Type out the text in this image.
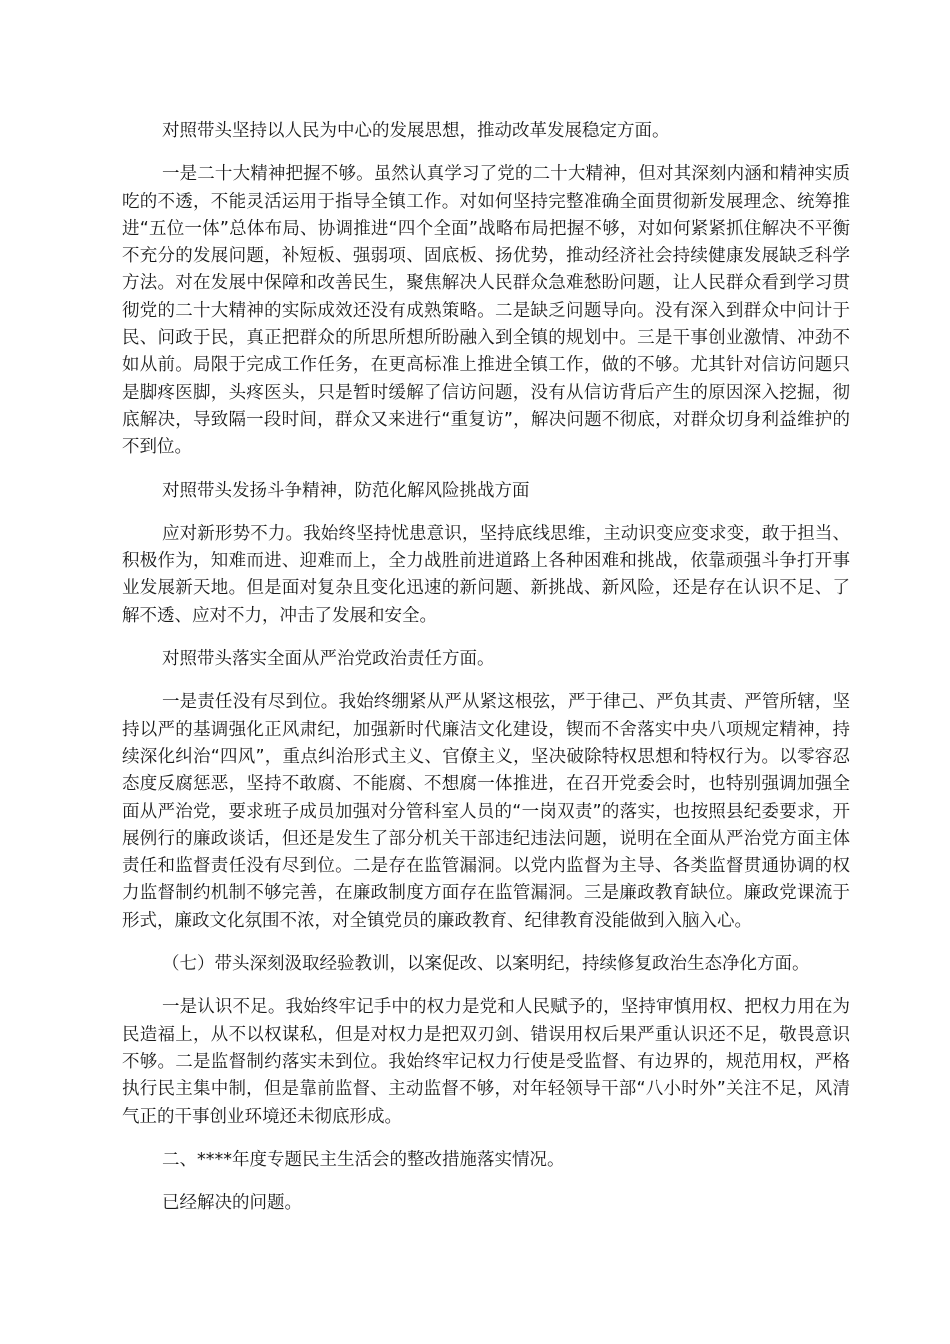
对照带头坚持以人民为中心的发展思想，推动改革发展稳定方面。

一是二十大精神把握不够。虽然认真学习了党的二十大精神，但对其深刻内涵和精神实质吃的不透，不能灵活运用于指导全镇工作。对如何坚持完整准确全面贯彻新发展理念、统筹推进“五位一体”总体布局、协调推进“四个全面”战略布局把握不够，对如何紧紧抓住解决不平衡不充分的发展问题，补短板、强弱项、固底板、扬优势，推动经济社会持续健康发展缺乏科学方法。对在发展中保障和改善民生，聚焦解决人民群众急难愁盼问题，让人民群众看到学习贯彻党的二十大精神的实际成效还没有成熟策略。二是缺乏问题导向。没有深入到群众中问计于民、问政于民，真正把群众的所思所想所盼融入到全镇的规划中。三是干事创业激情、冲劲不如从前。局限于完成工作任务，在更高标准上推进全镇工作，做的不够。尤其针对信访问题只是脚疼医脚，头疼医头，只是暂时缓解了信访问题，没有从信访背后产生的原因深入挖掘，彻底解决，导致隔一段时间，群众又来进行“重复访”，解决问题不彻底，对群众切身利益维护的不到位。

对照带头发扬斗争精神，防范化解风险挑战方面

应对新形势不力。我始终坚持忧患意识，坚持底线思维，主动识变应变求变，敢于担当、积极作为，知难而进、迎难而上，全力战胜前进道路上各种困难和挑战，依靠顽强斗争打开事业发展新天地。但是面对复杂且变化迅速的新问题、新挑战、新风险，还是存在认识不足、了解不透、应对不力，冲击了发展和安全。

对照带头落实全面从严治党政治责任方面。

一是责任没有尽到位。我始终绷紧从严从紧这根弦，严于律己、严负其责、严管所辖，坚持以严的基调强化正风肃纪，加强新时代廉洁文化建设，锲而不舍落实中央八项规定精神，持续深化纠治“四风”，重点纠治形式主义、官僚主义，坚决破除特权思想和特权行为。以零容忍态度反腐惩恶，坚持不敢腐、不能腐、不想腐一体推进，在召开党委会时，也特别强调加强全面从严治党，要求班子成员加强对分管科室人员的“一岗双责”的落实，也按照县纪委要求，开展例行的廉政谈话，但还是发生了部分机关干部违纪违法问题，说明在全面从严治党方面主体责任和监督责任没有尽到位。二是存在监管漏洞。以党内监督为主导、各类监督贯通协调的权力监督制约机制不够完善，在廉政制度方面存在监管漏洞。三是廉政教育缺位。廉政党课流于形式，廉政文化氛围不浓，对全镇党员的廉政教育、纪律教育没能做到入脑入心。

（七）带头深刻汲取经验教训，以案促改、以案明纪，持续修复政治生态净化方面。

一是认识不足。我始终牢记手中的权力是党和人民赋予的，坚持审慎用权、把权力用在为民造福上，从不以权谋私，但是对权力是把双刃剑、错误用权后果严重认识还不足，敬畏意识不够。二是监督制约落实未到位。我始终牢记权力行使是受监督、有边界的，规范用权，严格执行民主集中制，但是靠前监督、主动监督不够，对年轻领导干部“八小时外”关注不足，风清气正的干事创业环境还未彻底形成。

二、****年度专题民主生活会的整改措施落实情况。

已经解决的问题。
